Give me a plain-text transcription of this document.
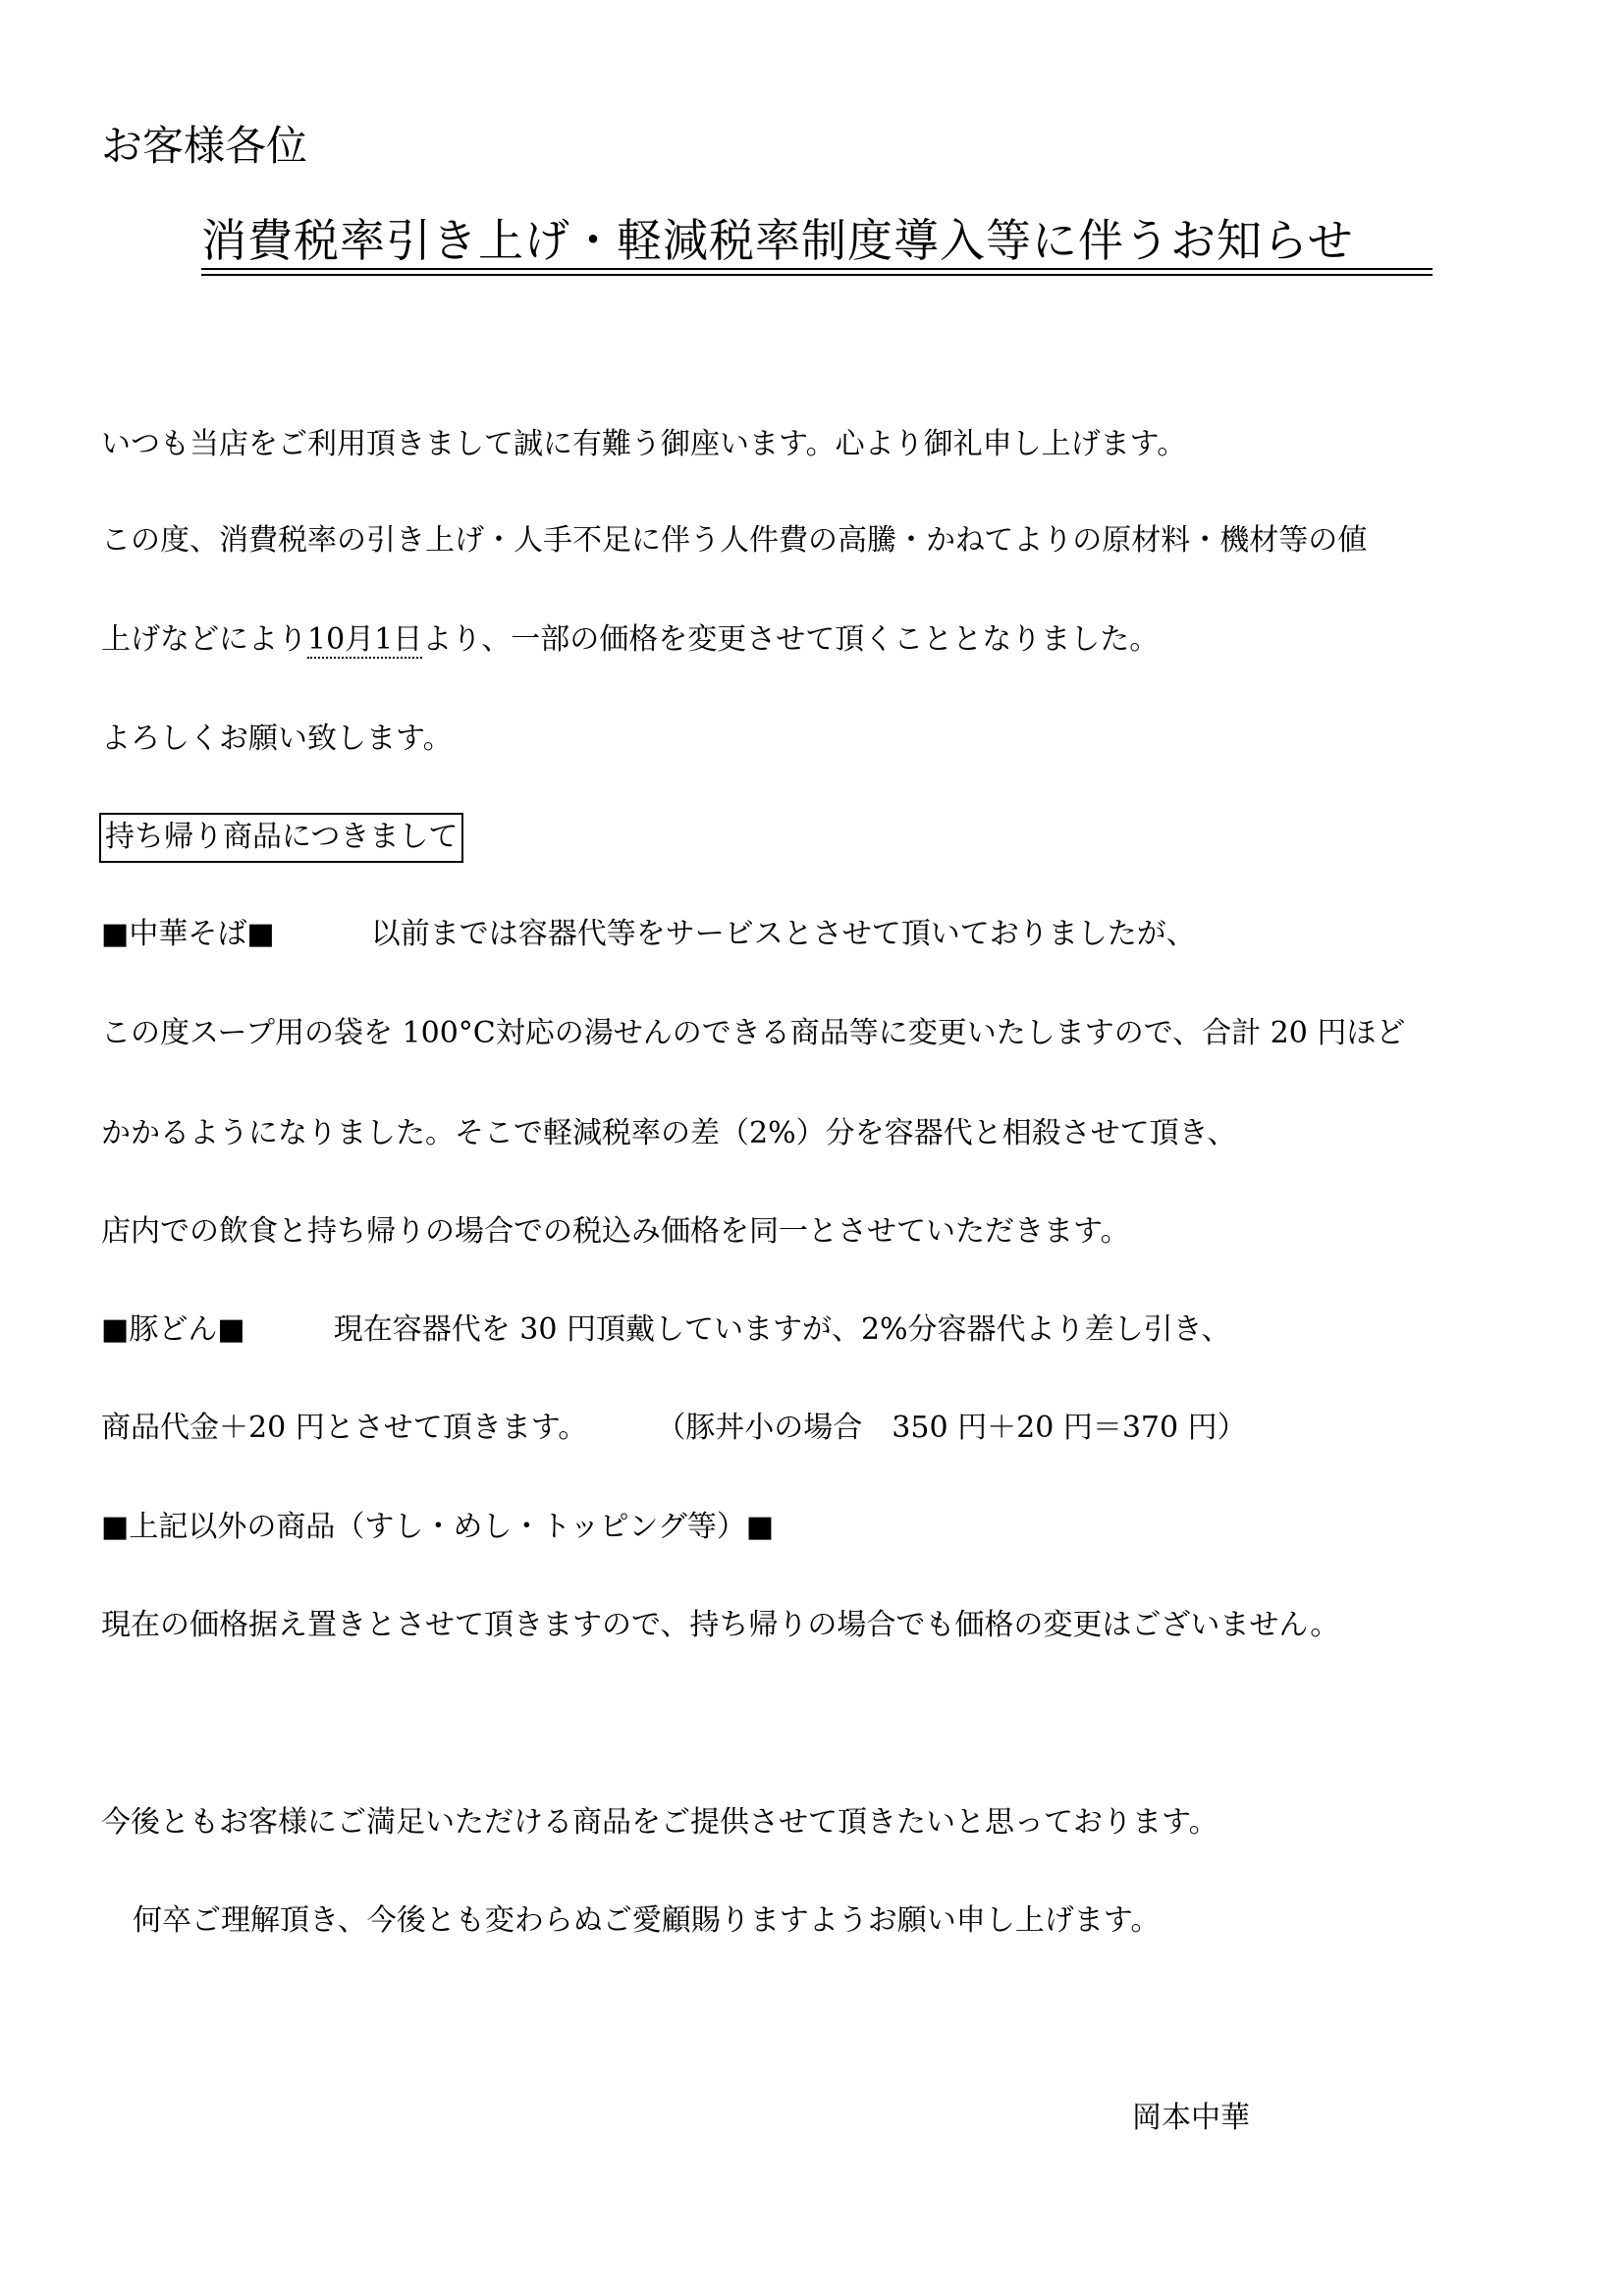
お客様各位
消費税率引き上げ・軽減税率制度導入等に伴うお知らせ
いつも当店をご利用頂きまして誠に有難う御座います。心より御礼申し上げます。
この度、消費税率の引き上げ・人手不足に伴う人件費の高騰・かねてよりの原材料・機材等の値
上げなどにより10月1日より、一部の価格を変更させて頂くこととなりました。
よろしくお願い致します。
持ち帰り商品につきまして
■中華そば■	以前までは容器代等をサービスとさせて頂いておりましたが、
この度スープ用の袋を 100°C対応の湯せんのできる商品等に変更いたしますので、合計 20 円ほど
かかるようになりました。そこで軽減税率の差（2%）分を容器代と相殺させて頂き、
店内での飲食と持ち帰りの場合での税込み価格を同一とさせていただきます。
■豚どん■	現在容器代を 30 円頂戴していますが、2%分容器代より差し引き、
商品代金＋20 円とさせて頂きます。 （豚丼小の場合　350 円＋20 円＝370 円）
■上記以外の商品（すし・めし・トッピング等）■
現在の価格据え置きとさせて頂きますので、持ち帰りの場合でも価格の変更はございません。
今後ともお客様にご満足いただける商品をご提供させて頂きたいと思っております。
何卒ご理解頂き、今後とも変わらぬご愛顧賜りますようお願い申し上げます。
岡本中華
